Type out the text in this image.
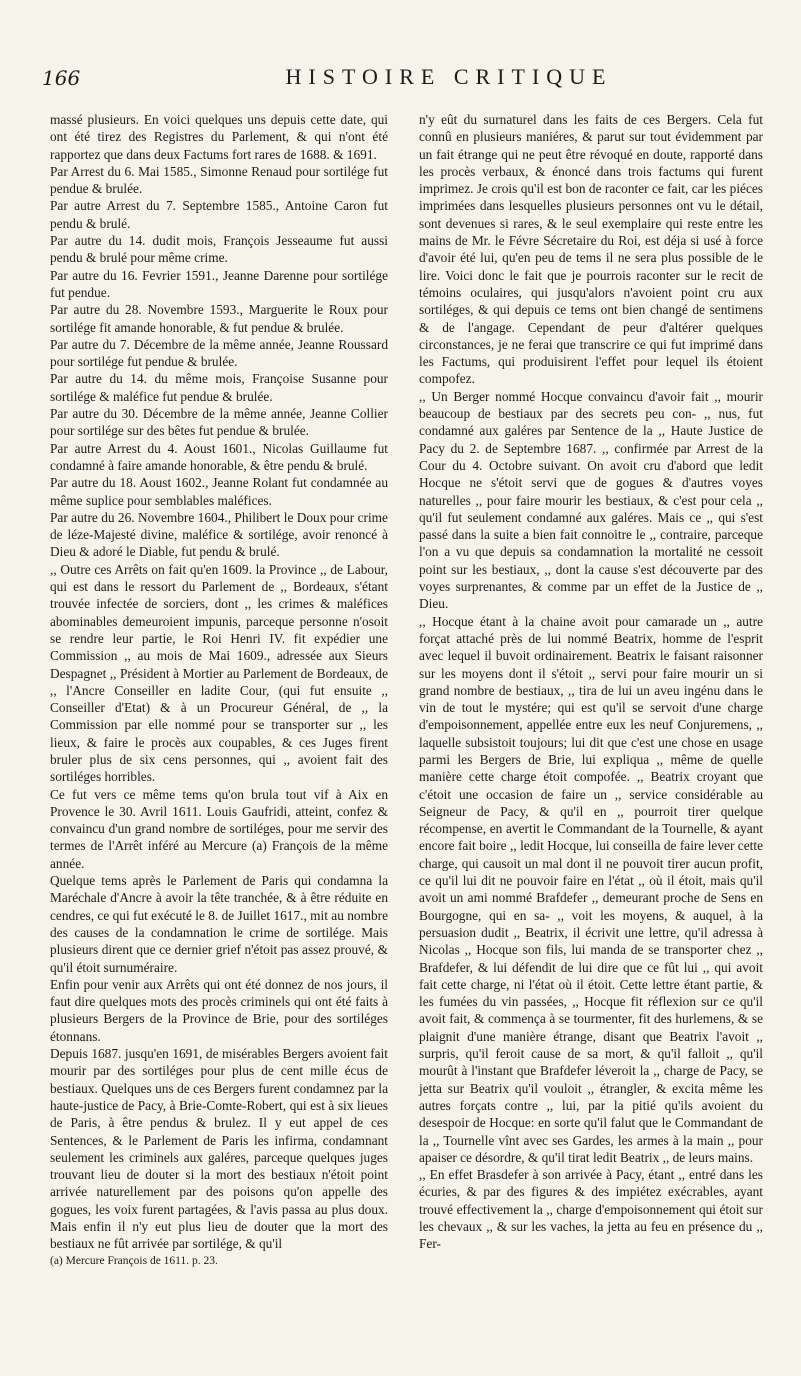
166	HISTOIRE CRITIQUE

massé plusieurs. En voici quelques uns depuis cette date, qui ont été tirez des Registres du Parlement, & qui n'ont été rapportez que dans deux Factums fort rares de 1688. & 1691.

Par Arrest du 6. Mai 1585., Simonne Renaud pour sortilége fut pendue & brulée.

Par autre Arrest du 7. Septembre 1585., Antoine Caron fut pendu & brulé.

Par autre du 14. dudit mois, François Jesseaume fut aussi pendu & brulé pour même crime.

Par autre du 16. Fevrier 1591., Jeanne Darenne pour sortilége fut pendue.

Par autre du 28. Novembre 1593., Marguerite le Roux pour sortilége fit amande honorable, & fut pendue & brulée.

Par autre du 7. Décembre de la même année, Jeanne Roussard pour sortilége fut pendue & brulée.

Par autre du 14. du même mois, Françoise Susanne pour sortilége & maléfice fut pendue & brulée.

Par autre du 30. Décembre de la même année, Jeanne Collier pour sortilége sur des bêtes fut pendue & brulée.

Par autre Arrest du 4. Aoust 1601., Nicolas Guillaume fut condamné à faire amande honorable, & être pendu & brulé.

Par autre du 18. Aoust 1602., Jeanne Rolant fut condamnée au même suplice pour semblables maléfices.

Par autre du 26. Novembre 1604., Philibert le Doux pour crime de léze-Majesté divine, maléfice & sortilége, avoir renoncé à Dieu & adoré le Diable, fut pendu & brulé.

,, Outre ces Arrêts on fait qu'en 1609. la Province ,, de Labour, qui est dans le ressort du Parlement de ,, Bordeaux, s'étant trouvée infectée de sorciers, dont ,, les crimes & maléfices abominables demeuroient impunis, parceque personne n'osoit se rendre leur partie, le Roi Henri IV. fit expédier une Commission ,, au mois de Mai 1609., adressée aux Sieurs Despagnet ,, Président à Mortier au Parlement de Bordeaux, de ,, l'Ancre Conseiller en ladite Cour, (qui fut ensuite ,, Conseiller d'Etat) & à un Procureur Général, de ,, la Commission par elle nommé pour se transporter sur ,, les lieux, & faire le procès aux coupables, & ces Juges firent bruler plus de six cens personnes, qui ,, avoient fait des sortiléges horribles.

Ce fut vers ce même tems qu'on brula tout vif à Aix en Provence le 30. Avril 1611. Louis Gaufridi, atteint, confez & convaincu d'un grand nombre de sortiléges, pour me servir des termes de l'Arrêt inféré au Mercure (a) François de la même année.

Quelque tems après le Parlement de Paris qui condamna la Maréchale d'Ancre à avoir la tête tranchée, & à être réduite en cendres, ce qui fut exécuté le 8. de Juillet 1617., mit au nombre des causes de la condamnation le crime de sortilége. Mais plusieurs dirent que ce dernier grief n'étoit pas assez prouvé, & qu'il étoit surnuméraire.

Enfin pour venir aux Arrêts qui ont été donnez de nos jours, il faut dire quelques mots des procès criminels qui ont été faits à plusieurs Bergers de la Province de Brie, pour des sortiléges étonnans.

Depuis 1687. jusqu'en 1691, de misérables Bergers avoient fait mourir par des sortiléges pour plus de cent mille écus de bestiaux. Quelques uns de ces Bergers furent condamnez par la haute-justice de Pacy, à Brie-Comte-Robert, qui est à six lieues de Paris, à être pendus & brulez. Il y eut appel de ces Sentences, & le Parlement de Paris les infirma, condamnant seulement les criminels aux galéres, parceque quelques juges trouvant lieu de douter si la mort des bestiaux n'étoit point arrivée naturellement par des poisons qu'on appelle des gogues, les voix furent partagées, & l'avis passa au plus doux. Mais enfin il n'y eut plus lieu de douter que la mort des bestiaux ne fût arrivée par sortilége, & qu'il

(a) Mercure François de 1611. p. 23.

n'y eût du surnaturel dans les faits de ces Bergers. Cela fut connû en plusieurs maniéres, & parut sur tout évidemment par un fait étrange qui ne peut être révoqué en doute, rapporté dans les procès verbaux, & énoncé dans trois factums qui furent imprimez. Je crois qu'il est bon de raconter ce fait, car les piéces imprimées dans lesquelles plusieurs personnes ont vu le détail, sont devenues si rares, & le seul exemplaire qui reste entre les mains de Mr. le Févre Sécretaire du Roi, est déja si usé à force d'avoir été lui, qu'en peu de tems il ne sera plus possible de le lire. Voici donc le fait que je pourrois raconter sur le recit de témoins oculaires, qui jusqu'alors n'avoient point cru aux sortiléges, & qui depuis ce tems ont bien changé de sentimens & de l'angage. Cependant de peur d'altérer quelques circonstances, je ne ferai que transcrire ce qui fut imprimé dans les Factums, qui produisirent l'effet pour lequel ils étoient compofez.

,, Un Berger nommé Hocque convaincu d'avoir fait ,, mourir beaucoup de bestiaux par des secrets peu con- ,, nus, fut condamné aux galéres par Sentence de la ,, Haute Justice de Pacy du 2. de Septembre 1687. ,, confirmée par Arrest de la Cour du 4. Octobre suivant. On avoit cru d'abord que ledit Hocque ne s'étoit servi que de gogues & d'autres voyes naturelles ,, pour faire mourir les bestiaux, & c'est pour cela ,, qu'il fut seulement condamné aux galéres. Mais ce ,, qui s'est passé dans la suite a bien fait connoitre le ,, contraire, parceque l'on a vu que depuis sa condamnation la mortalité ne cessoit point sur les bestiaux, ,, dont la cause s'est découverte par des voyes surprenantes, & comme par un effet de la Justice de ,, Dieu.

,, Hocque étant à la chaine avoit pour camarade un ,, autre forçat attaché près de lui nommé Beatrix, homme de l'esprit avec lequel il buvoit ordinairement. Beatrix le faisant raisonner sur les moyens dont il s'étoit ,, servi pour faire mourir un si grand nombre de bestiaux, ,, tira de lui un aveu ingénu dans le vin de tout le mystére; qui est qu'il se servoit d'une charge d'empoisonnement, appellée entre eux les neuf Conjuremens, ,, laquelle subsistoit toujours; lui dit que c'est une chose en usage parmi les Bergers de Brie, lui expliqua ,, même de quelle manière cette charge étoit compofée. ,, Beatrix croyant que c'étoit une occasion de faire un ,, service considérable au Seigneur de Pacy, & qu'il en ,, pourroit tirer quelque récompense, en avertit le Commandant de la Tournelle, & ayant encore fait boire ,, ledit Hocque, lui conseilla de faire lever cette charge, qui causoit un mal dont il ne pouvoit tirer aucun profit, ce qu'il lui dit ne pouvoir faire en l'état ,, où il étoit, mais qu'il avoit un ami nommé Brafdefer ,, demeurant proche de Sens en Bourgogne, qui en sa- ,, voit les moyens, & auquel, à la persuasion dudit ,, Beatrix, il écrivit une lettre, qu'il adressa à Nicolas ,, Hocque son fils, lui manda de se transporter chez ,, Brafdefer, & lui défendit de lui dire que ce fût lui ,, qui avoit fait cette charge, ni l'état où il étoit. Cette lettre étant partie, & les fumées du vin passées, ,, Hocque fit réflexion sur ce qu'il avoit fait, & commença à se tourmenter, fit des hurlemens, & se plaignit d'une manière étrange, disant que Beatrix l'avoit ,, surpris, qu'il feroit cause de sa mort, & qu'il falloit ,, qu'il mourût à l'instant que Brafdefer léveroit la ,, charge de Pacy, se jetta sur Beatrix qu'il vouloit ,, étrangler, & excita même les autres forçats contre ,, lui, par la pitié qu'ils avoient du desespoir de Hocque: en sorte qu'il falut que le Commandant de la ,, Tournelle vînt avec ses Gardes, les armes à la main ,, pour apaiser ce désordre, & qu'il tirat ledit Beatrix ,, de leurs mains.

,, En effet Brasdefer à son arrivée à Pacy, étant ,, entré dans les écuries, & par des figures & des impiétez exécrables, ayant trouvé effectivement la ,, charge d'empoisonnement qui étoit sur les chevaux ,, & sur les vaches, la jetta au feu en présence du ,, Fer-
